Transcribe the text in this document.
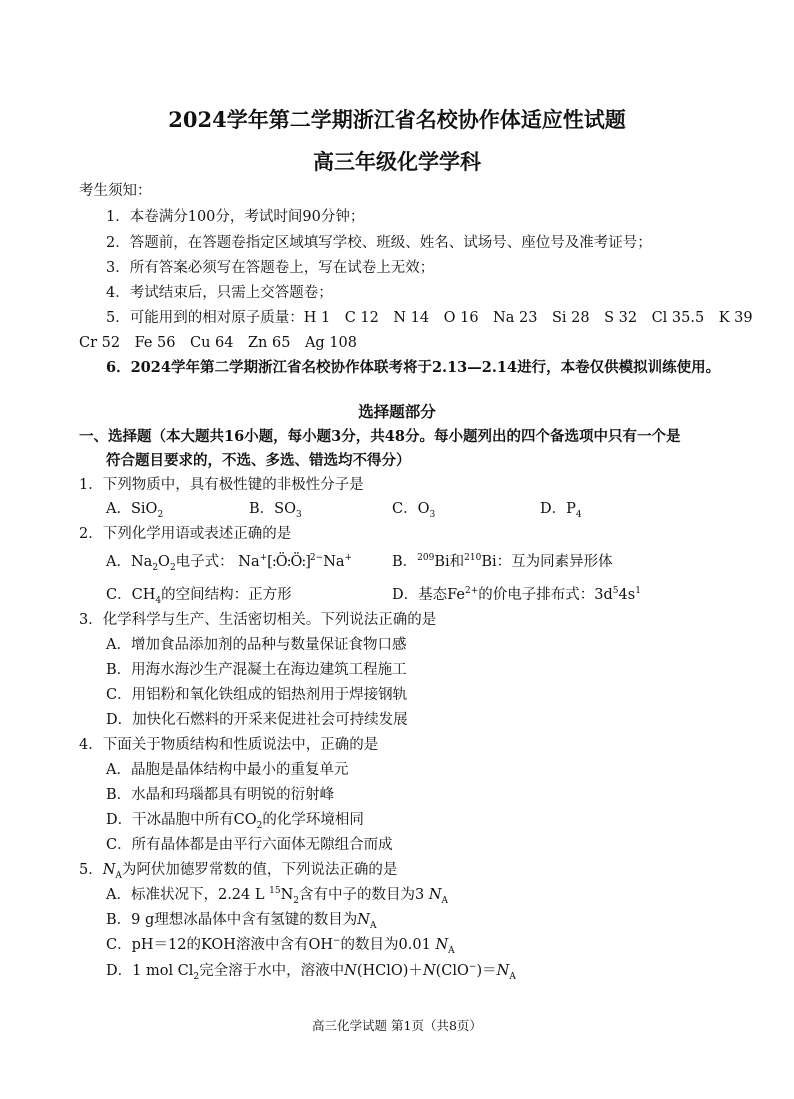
2024学年第二学期浙江省名校协作体适应性试题
高三年级化学学科
考生须知：
1．本卷满分100分，考试时间90分钟；
2．答题前，在答题卷指定区域填写学校、班级、姓名、试场号、座位号及准考证号；
3．所有答案必须写在答题卷上，写在试卷上无效；
4．考试结束后，只需上交答题卷；
5．可能用到的相对原子质量：H 1　C 12　N 14　O 16　Na 23　Si 28　S 32　Cl 35.5　K 39
Cr 52　Fe 56　Cu 64　Zn 65　Ag 108
6．2024学年第二学期浙江省名校协作体联考将于2.13—2.14进行，本卷仅供模拟训练使用。
选择题部分
一、选择题（本大题共16小题，每小题3分，共48分。每小题列出的四个备选项中只有一个是
符合题目要求的，不选、多选、错选均不得分）
1．下列物质中，具有极性键的非极性分子是
A．SiO$_2$	B．$SO_3$	C．$O_3$	D．$P_4$
2．下列化学用语或表述正确的是
A．$Na_2O_2$电子式： Na+[:Ö:Ö:]$^{2-}$Na+	B．$^{209}$Bi和$^{210}$Bi：互为同素异形体
C．$CH_4$的空间结构：正方形	D．基态$Fe^{2+}$的价电子排布式：$3d^54s^1$
3．化学科学与生产、生活密切相关。下列说法正确的是
A．增加食品添加剂的品种与数量保证食物口感
B．用海水海沙生产混凝土在海边建筑工程施工
C．用铝粉和氧化铁组成的铝热剂用于焊接钢轨
D．加快化石燃料的开采来促进社会可持续发展
4．下面关于物质结构和性质说法中，正确的是
A．晶胞是晶体结构中最小的重复单元
B．水晶和玛瑙都具有明锐的衍射峰
D．干冰晶胞中所有$CO_2$的化学环境相同
C．所有晶体都是由平行六面体无隙组合而成
5．$N_A$为阿伏加德罗常数的值，下列说法正确的是
A．标准状况下，2.24 L $^{15}N_2$含有中子的数目为3 $N_A$
B．9 g理想冰晶体中含有氢键的数目为$N_A$
C．pH＝12的KOH溶液中含有OH−的数目为0.01 $N_A$
D．1 mol $Cl_2$完全溶于水中，溶液中$N(HClO)+N(ClO^-)=N_A$
高三化学试题 第1页（共8页）
